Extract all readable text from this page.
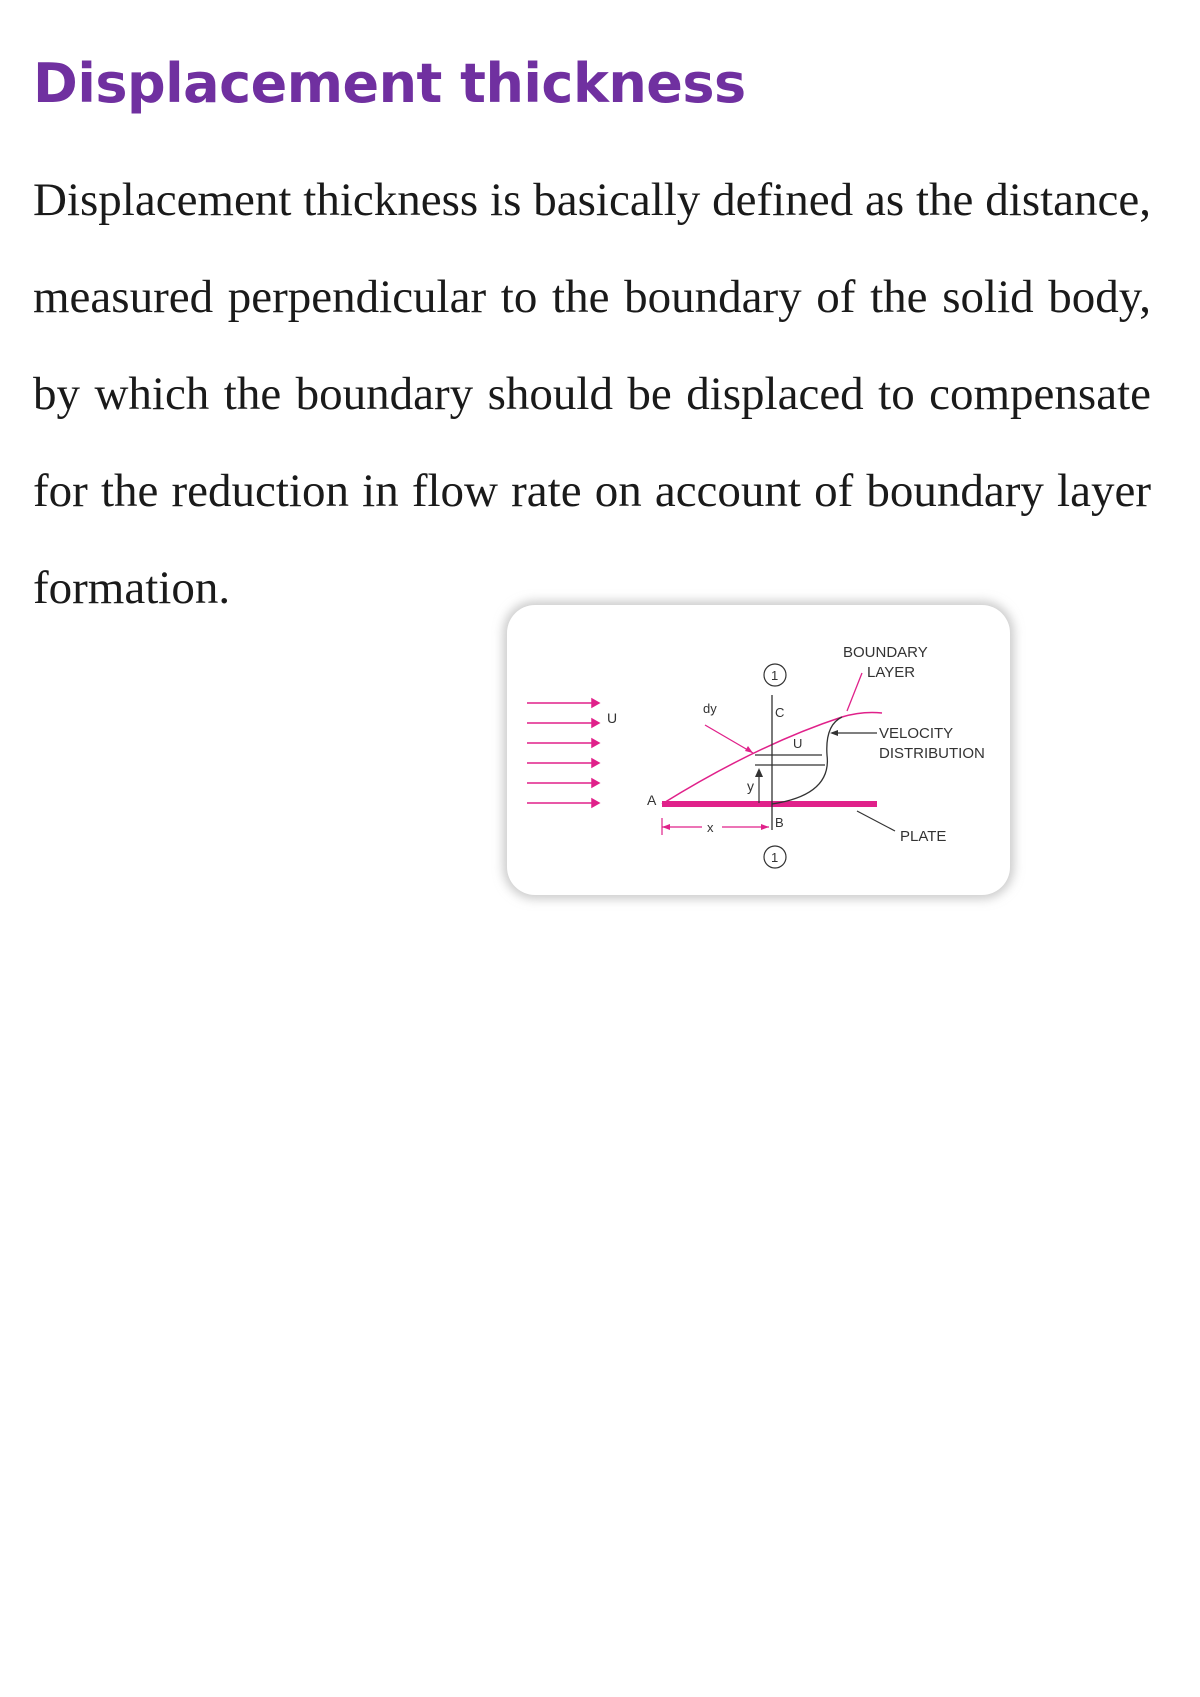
Displacement thickness

Displacement thickness is basically defined as the distance, measured perpendicular to the boundary of the solid body, by which the boundary should be displaced to compensate for the reduction in flow rate on account of boundary layer formation.

U
A
1
1
C
B
dy
U
y
x
BOUNDARY
LAYER
VELOCITY
DISTRIBUTION
PLATE
